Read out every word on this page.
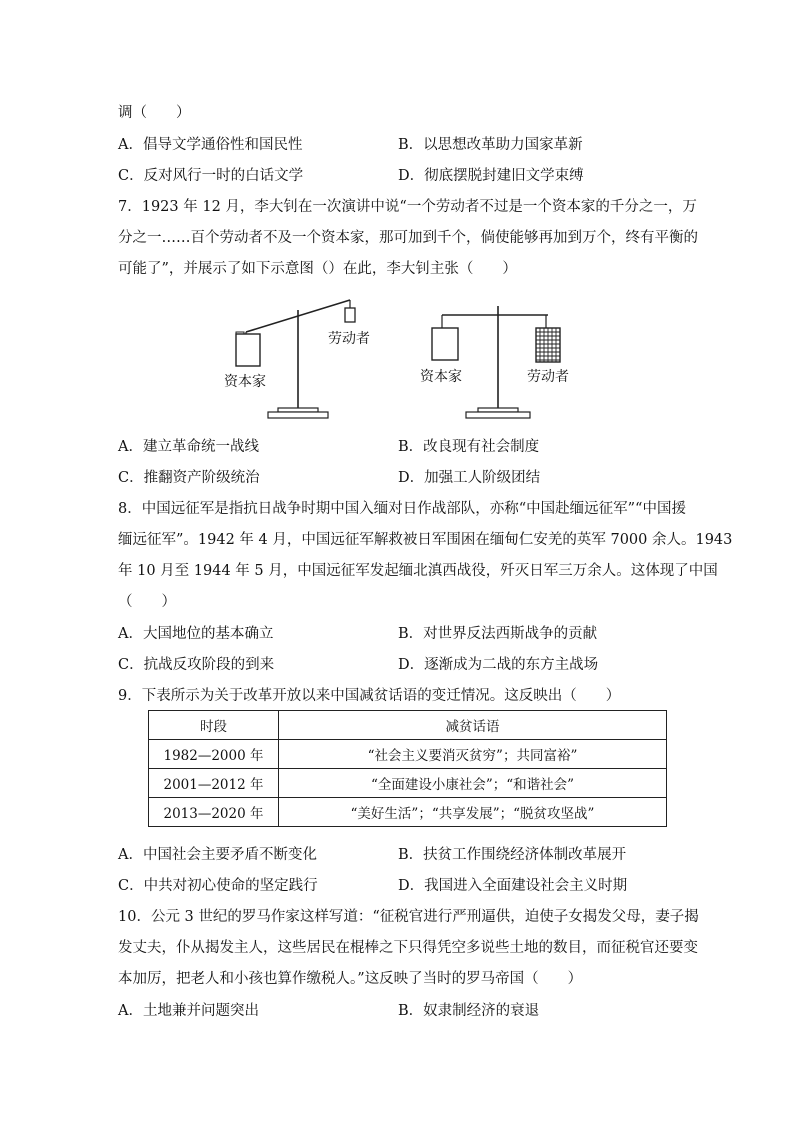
调（　　）
A．倡导文学通俗性和国民性	B．以思想改革助力国家革新
C．反对风行一时的白话文学	D．彻底摆脱封建旧文学束缚
7．1923 年 12 月，李大钊在一次演讲中说“一个劳动者不过是一个资本家的千分之一，万
分之一……百个劳动者不及一个资本家，那可加到千个，倘使能够再加到万个，终有平衡的
可能了”，并展示了如下示意图（）在此，李大钊主张（　　）
资本家
劳动者
资本家	劳动者
A．建立革命统一战线	B．改良现有社会制度
C．推翻资产阶级统治	D．加强工人阶级团结
8．中国远征军是指抗日战争时期中国入缅对日作战部队，亦称“中国赴缅远征军”“中国援
缅远征军”。1942 年 4 月，中国远征军解救被日军围困在缅甸仁安羌的英军 7000 余人。1943
年 10 月至 1944 年 5 月，中国远征军发起缅北滇西战役，歼灭日军三万余人。这体现了中国
（　　）
A．大国地位的基本确立	B．对世界反法西斯战争的贡献
C．抗战反攻阶段的到来	D．逐渐成为二战的东方主战场
9．下表所示为关于改革开放以来中国减贫话语的变迁情况。这反映出（　　）
时段	减贫话语
1982—2000 年	“社会主义要消灭贫穷”；共同富裕”
2001—2012 年	“全面建设小康社会”；“和谐社会”
2013—2020 年	“美好生活”；“共享发展”；“脱贫攻坚战”
A．中国社会主要矛盾不断变化	B．扶贫工作围绕经济体制改革展开
C．中共对初心使命的坚定践行	D．我国进入全面建设社会主义时期
10．公元 3 世纪的罗马作家这样写道：“征税官进行严刑逼供，迫使子女揭发父母，妻子揭
发丈夫，仆从揭发主人，这些居民在棍棒之下只得凭空多说些土地的数目，而征税官还要变
本加厉，把老人和小孩也算作缴税人。”这反映了当时的罗马帝国（　　）
A．土地兼并问题突出	B．奴隶制经济的衰退
